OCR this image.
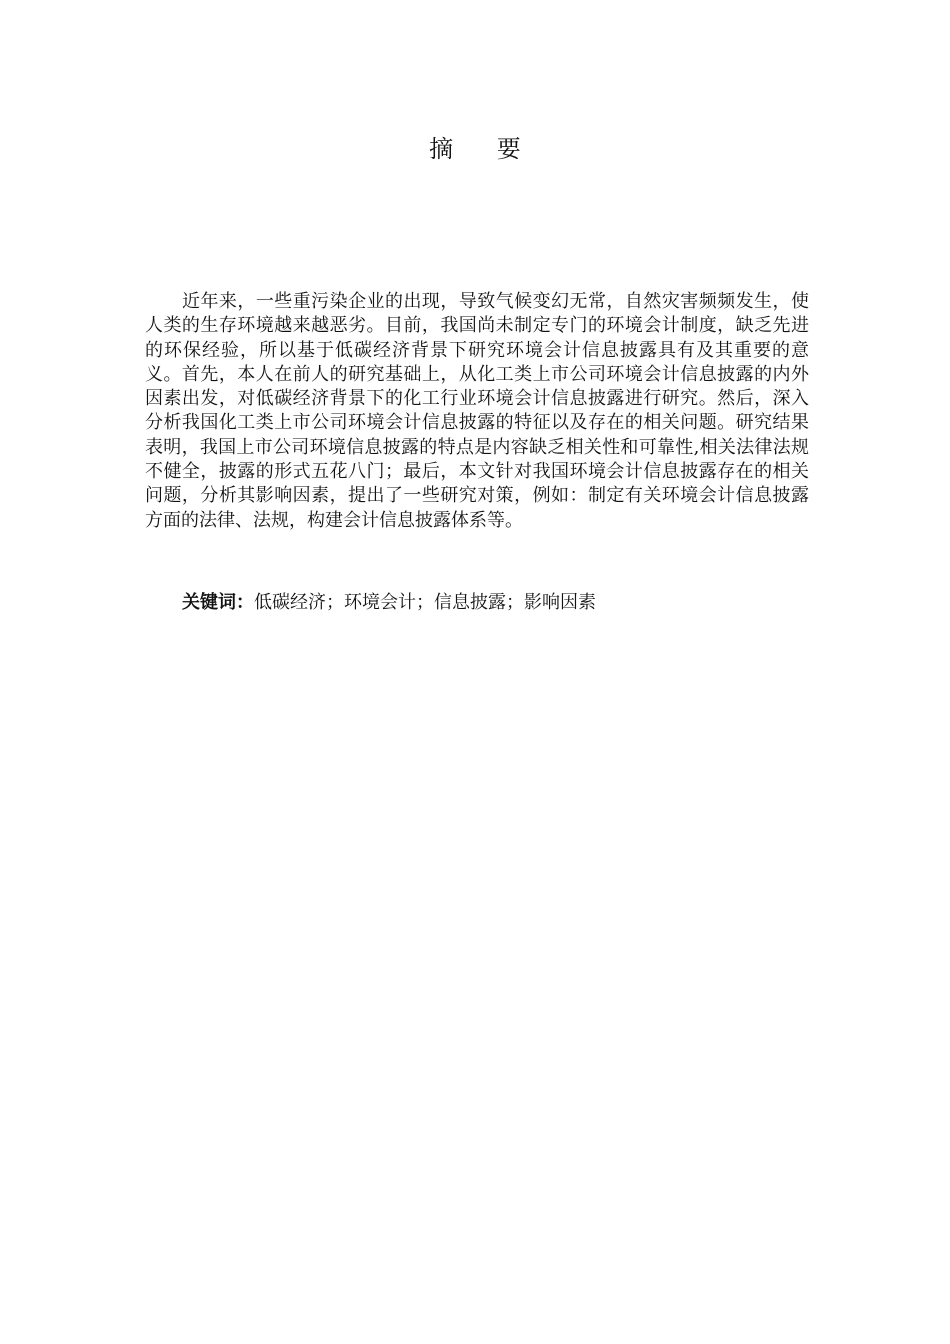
摘 要

近年来，一些重污染企业的出现，导致气候变幻无常，自然灾害频频发生，使人类的生存环境越来越恶劣。目前，我国尚未制定专门的环境会计制度，缺乏先进的环保经验，所以基于低碳经济背景下研究环境会计信息披露具有及其重要的意义。首先，本人在前人的研究基础上，从化工类上市公司环境会计信息披露的内外因素出发，对低碳经济背景下的化工行业环境会计信息披露进行研究。然后，深入分析我国化工类上市公司环境会计信息披露的特征以及存在的相关问题。研究结果表明，我国上市公司环境信息披露的特点是内容缺乏相关性和可靠性,相关法律法规不健全，披露的形式五花八门；最后，本文针对我国环境会计信息披露存在的相关问题，分析其影响因素，提出了一些研究对策，例如：制定有关环境会计信息披露方面的法律、法规，构建会计信息披露体系等。

关键词：低碳经济；环境会计；信息披露；影响因素
